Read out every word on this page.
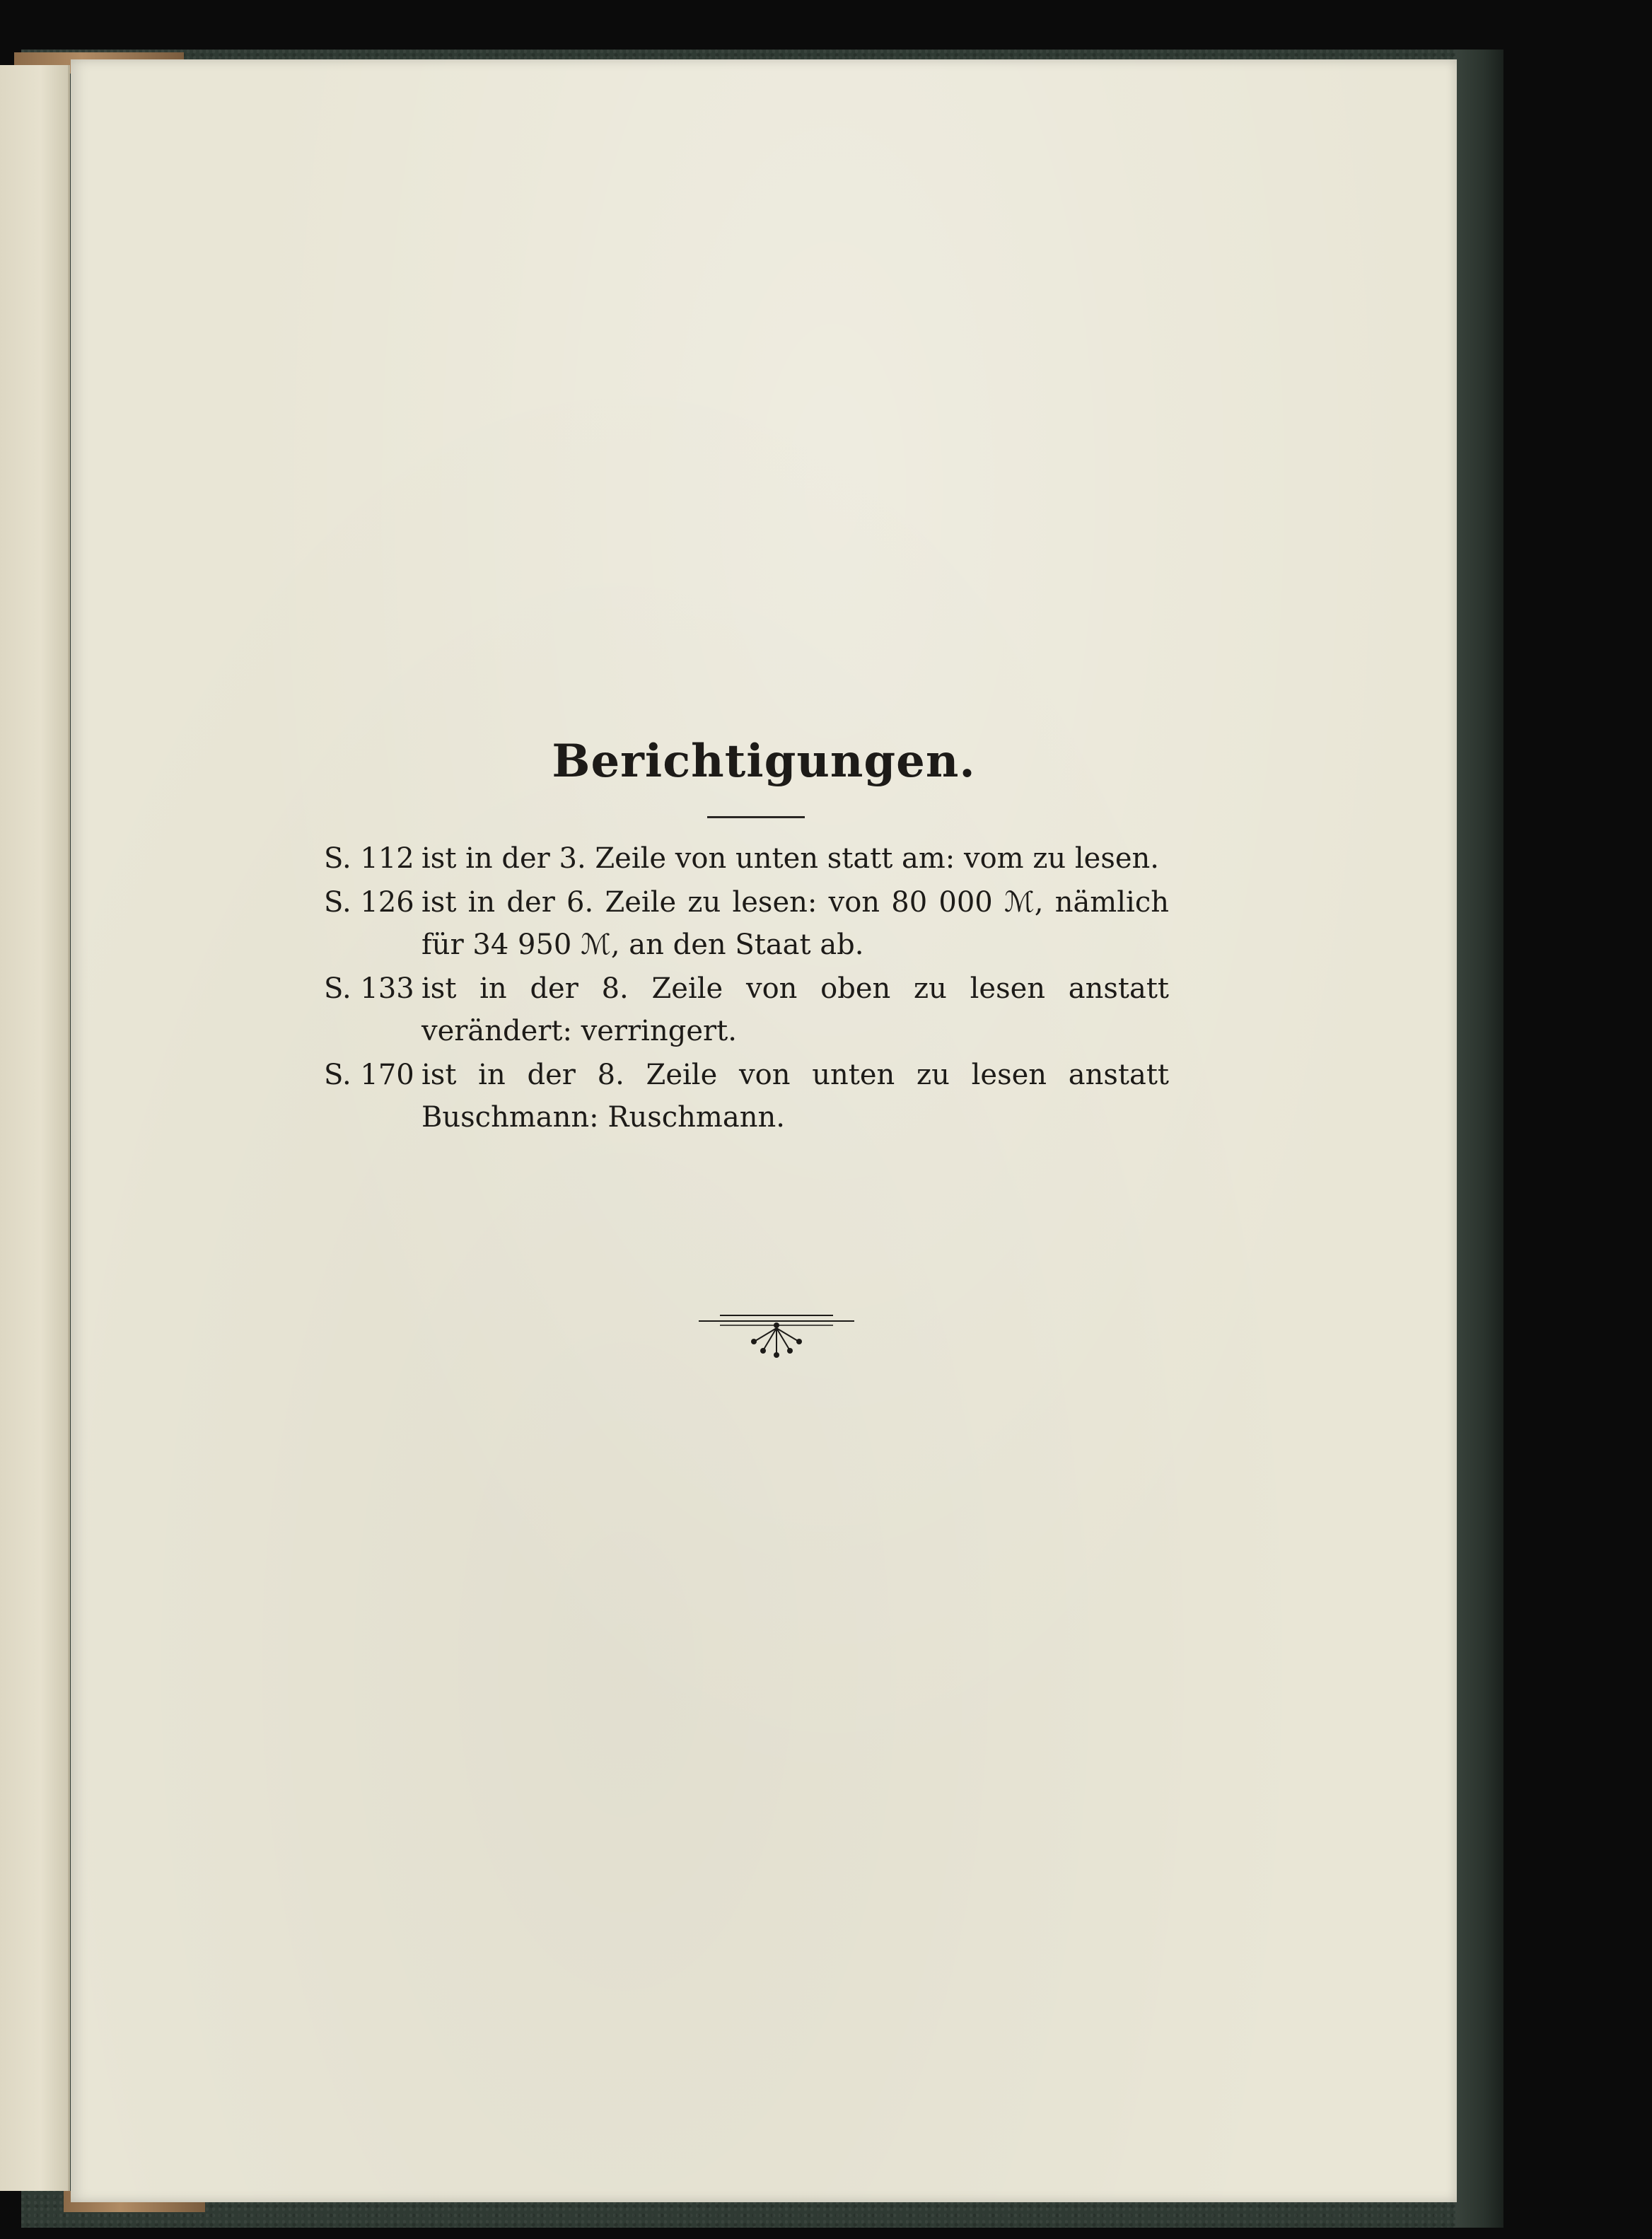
Berichtigungen.
S. 112 ist in der 3. Zeile von unten statt am: vom zu lesen.
S. 126 ist in der 6. Zeile zu lesen: von 80 000 ℳ, nämlich für 34 950 ℳ, an den Staat ab.
S. 133 ist in der 8. Zeile von oben zu lesen anstatt verändert: verringert.
S. 170 ist in der 8. Zeile von unten zu lesen anstatt Buschmann: Ruschmann.
